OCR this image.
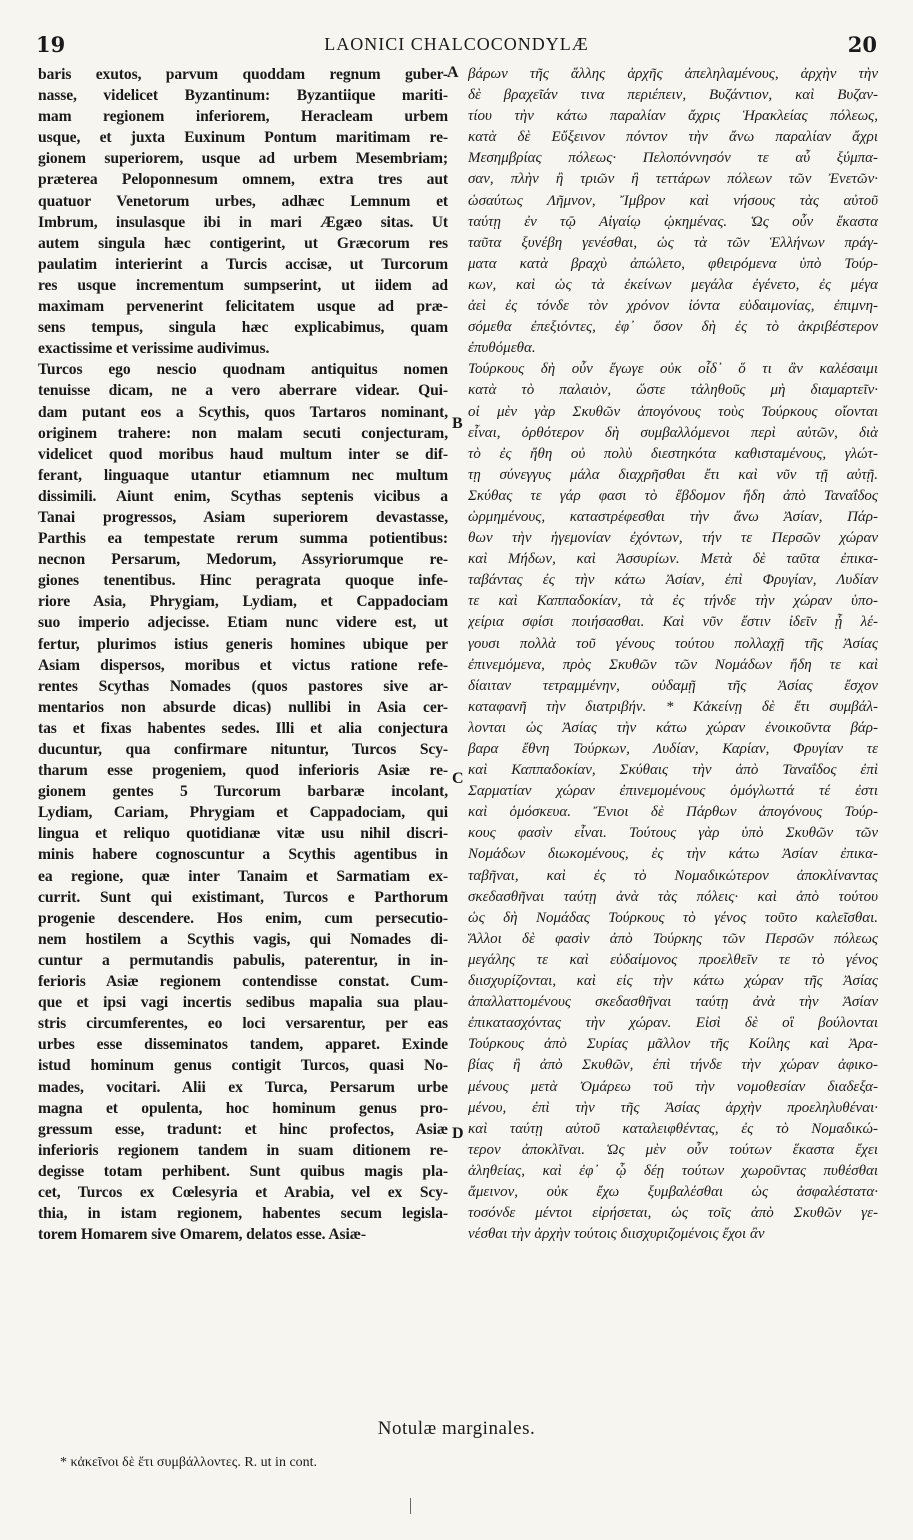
19	LAONICI CHALCOCONDYLÆ	20
baris exutos, parvum quoddam regnum guber-
nasse, videlicet Byzantinum: Byzantiique mariti-
mam regionem inferiorem, Heracleam urbem
usque, et juxta Euxinum Pontum maritimam re-
gionem superiorem, usque ad urbem Mesembriam;
præterea Peloponnesum omnem, extra tres aut
quatuor Venetorum urbes, adhæc Lemnum et
Imbrum, insulasque ibi in mari Ægæo sitas. Ut
autem singula hæc contigerint, ut Græcorum res
paulatim interierint a Turcis accisæ, ut Turcorum
res usque incrementum sumpserint, ut iidem ad
maximam pervenerint felicitatem usque ad præ-
sens tempus, singula hæc explicabimus, quam
exactissime et verissime audivimus.
Turcos ego nescio quodnam antiquitus nomen
tenuisse dicam, ne a vero aberrare videar. Qui-
dam putant eos a Scythis, quos Tartaros nominant,
originem trahere: non malam secuti conjecturam,
videlicet quod moribus haud multum inter se dif-
ferant, linguaque utantur etiamnum nec multum
dissimili. Aiunt enim, Scythas septenis vicibus a
Tanai progressos, Asiam superiorem devastasse,
Parthis ea tempestate rerum summa potientibus:
necnon Persarum, Medorum, Assyriorumque re-
giones tenentibus. Hinc peragrata quoque infe-
riore Asia, Phrygiam, Lydiam, et Cappadociam
suo imperio adjecisse. Etiam nunc videre est, ut
fertur, plurimos istius generis homines ubique per
Asiam dispersos, moribus et victus ratione refe-
rentes Scythas Nomades (quos pastores sive ar-
mentarios non absurde dicas) nullibi in Asia cer-
tas et fixas habentes sedes. Illi et alia conjectura
ducuntur, qua confirmare nituntur, Turcos Scy-
tharum esse progeniem, quod inferioris Asiæ re-
gionem gentes 5 Turcorum barbaræ incolant,
Lydiam, Cariam, Phrygiam et Cappadociam, qui
lingua et reliquo quotidianæ vitæ usu nihil discri-
minis habere cognoscuntur a Scythis agentibus in
ea regione, quæ inter Tanaim et Sarmatiam ex-
currit. Sunt qui existimant, Turcos e Parthorum
progenie descendere. Hos enim, cum persecutio-
nem hostilem a Scythis vagis, qui Nomades di-
cuntur a permutandis pabulis, paterentur, in in-
ferioris Asiæ regionem contendisse constat. Cum-
que et ipsi vagi incertis sedibus mapalia sua plau-
stris circumferentes, eo loci versarentur, per eas
urbes esse disseminatos tandem, apparet. Exinde
istud hominum genus contigit Turcos, quasi No-
mades, vocitari. Alii ex Turca, Persarum urbe
magna et opulenta, hoc hominum genus pro-
gressum esse, tradunt: et hinc profectos, Asiæ
inferioris regionem tandem in suam ditionem re-
degisse totam perhibent. Sunt quibus magis pla-
cet, Turcos ex Cœlesyria et Arabia, vel ex Scy-
thia, in istam regionem, habentes secum legisla-
torem Homarem sive Omarem, delatos esse. Asiæ-
βάρων τῆς ἄλλης ἀρχῆς ἀπεληλαμένους, ἀρχὴν τὴν
δὲ βραχεῖάν τινα περιέπειν, Βυζάντιον, καὶ Βυζαν-
τίου τὴν κάτω παραλίαν ἄχρις Ἡρακλείας πόλεως,
κατὰ δὲ Εὔξεινον πόντον τὴν ἄνω παραλίαν ἄχρι
Μεσημβρίας πόλεως· Πελοπόννησόν τε αὖ ξύμπα-
σαν, πλὴν ἢ τριῶν ἢ τεττάρων πόλεων τῶν Ἐνετῶν·
ὡσαύτως Λῆμνον, Ἴμβρον καὶ νήσους τὰς αὐτοῦ
ταύτῃ ἐν τῷ Αἰγαίῳ ᾠκημένας. Ὡς οὖν ἕκαστα
ταῦτα ξυνέβη γενέσθαι, ὡς τὰ τῶν Ἑλλήνων πράγ-
ματα κατὰ βραχὺ ἀπώλετο, φθειρόμενα ὑπὸ Τούρ-
κων, καὶ ὡς τὰ ἐκείνων μεγάλα ἐγένετο, ἐς μέγα
ἀεὶ ἐς τόνδε τὸν χρόνον ἰόντα εὐδαιμονίας, ἐπιμνη-
σόμεθα ἐπεξιόντες, ἐφ᾽ ὅσον δὴ ἐς τὸ ἀκριβέστερον
ἐπυθόμεθα.
Τούρκους δὴ οὖν ἔγωγε οὐκ οἶδ᾽ ὅ τι ἂν καλέσαιμι
κατὰ τὸ παλαιὸν, ὥστε τἀληθοῦς μὴ διαμαρτεῖν·
οἱ μὲν γὰρ Σκυθῶν ἀπογόνους τοὺς Τούρκους οἴονται
εἶναι, ὀρθότερον δὴ συμβαλλόμενοι περὶ αὐτῶν, διὰ
τὸ ἐς ἤθη οὐ πολὺ διεστηκότα καθισταμένους, γλώτ-
τῃ σύνεγγυς μάλα διαχρῆσθαι ἔτι καὶ νῦν τῇ αὐτῇ.
Σκύθας τε γάρ φασι τὸ ἕβδομον ἤδη ἀπὸ Ταναΐδος
ὡρμημένους, καταστρέφεσθαι τὴν ἄνω Ἀσίαν, Πάρ-
θων τὴν ἡγεμονίαν ἐχόντων, τήν τε Περσῶν χώραν
καὶ Μήδων, καὶ Ἀσσυρίων. Μετὰ δὲ ταῦτα ἐπικα-
ταβάντας ἐς τὴν κάτω Ἀσίαν, ἐπὶ Φρυγίαν, Λυδίαν
τε καὶ Καππαδοκίαν, τὰ ἐς τήνδε τὴν χώραν ὑπο-
χείρια σφίσι ποιήσασθαι. Καὶ νῦν ἔστιν ἰδεῖν ᾗ λέ-
γουσι πολλὰ τοῦ γένους τούτου πολλαχῇ τῆς Ἀσίας
ἐπινεμόμενα, πρὸς Σκυθῶν τῶν Νομάδων ἤδη τε καὶ
δίαιταν τετραμμένην, οὐδαμῇ τῆς Ἀσίας ἔσχον
καταφανῆ τὴν διατριβήν. * Κἀκείνῃ δὲ ἔτι συμβάλ-
λονται ὡς Ἀσίας τὴν κάτω χώραν ἐνοικοῦντα βάρ-
βαρα ἔθνη Τούρκων, Λυδίαν, Καρίαν, Φρυγίαν τε
καὶ Καππαδοκίαν, Σκύθαις τὴν ἀπὸ Ταναΐδος ἐπὶ
Σαρματίαν χώραν ἐπινεμομένους ὁμόγλωττά τέ ἐστι
καὶ ὁμόσκευα. Ἔνιοι δὲ Πάρθων ἀπογόνους Τούρ-
κους φασὶν εἶναι. Τούτους γὰρ ὑπὸ Σκυθῶν τῶν
Νομάδων διωκομένους, ἐς τὴν κάτω Ἀσίαν ἐπικα-
ταβῆναι, καὶ ἐς τὸ Νομαδικώτερον ἀποκλίναντας
σκεδασθῆναι ταύτῃ ἀνὰ τὰς πόλεις· καὶ ἀπὸ τούτου
ὡς δὴ Νομάδας Τούρκους τὸ γένος τοῦτο καλεῖσθαι.
Ἄλλοι δὲ φασὶν ἀπὸ Τούρκης τῶν Περσῶν πόλεως
μεγάλης τε καὶ εὐδαίμονος προελθεῖν τε τὸ γένος
διισχυρίζονται, καὶ εἰς τὴν κάτω χώραν τῆς Ἀσίας
ἀπαλλαττομένους σκεδασθῆναι ταύτῃ ἀνὰ τὴν Ἀσίαν
ἐπικατασχόντας τὴν χώραν. Εἰσὶ δὲ οἳ βούλονται
Τούρκους ἀπὸ Συρίας μᾶλλον τῆς Κοίλης καὶ Ἀρα-
βίας ἢ ἀπὸ Σκυθῶν, ἐπὶ τήνδε τὴν χώραν ἀφικο-
μένους μετὰ Ὀμάρεω τοῦ τὴν νομοθεσίαν διαδεξα-
μένου, ἐπὶ τὴν τῆς Ἀσίας ἀρχὴν προεληλυθέναι·
καὶ ταύτῃ αὐτοῦ καταλειφθέντας, ἐς τὸ Νομαδικώ-
τερον ἀποκλῖναι. Ὡς μὲν οὖν τούτων ἕκαστα ἔχει
ἀληθείας, καὶ ἐφ᾽ ᾧ δέῃ τούτων χωροῦντας πυθέσθαι
ἄμεινον, οὐκ ἔχω ξυμβαλέσθαι ὡς ἀσφαλέστατα·
τοσόνδε μέντοι εἰρήσεται, ὡς τοῖς ἀπὸ Σκυθῶν γε-
νέσθαι τὴν ἀρχὴν τούτοις διισχυριζομένοις ἔχοι ἂν
A
B
C
D
Notulæ marginales.
* κἀκεῖνοι δὲ ἔτι συμβάλλοντες. R. ut in cont.
